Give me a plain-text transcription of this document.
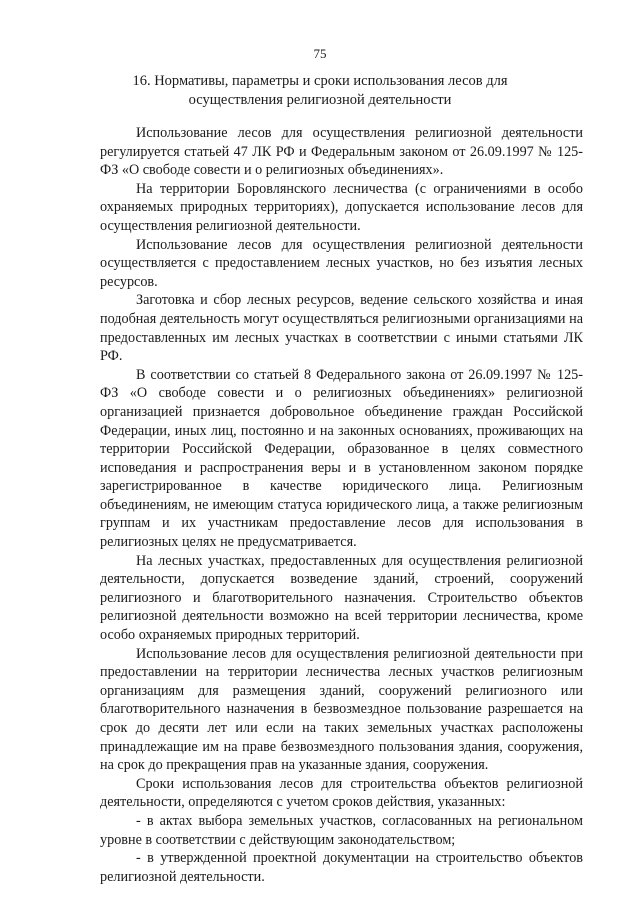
75
16. Нормативы, параметры и сроки использования лесов для
осуществления религиозной деятельности

Использование лесов для осуществления религиозной деятельности регулируется статьей 47 ЛК РФ и Федеральным законом от 26.09.1997 № 125-ФЗ «О свободе совести и о религиозных объединениях».

На территории Боровлянского лесничества (с ограничениями в особо охраняемых природных территориях), допускается использование лесов для осуществления религиозной деятельности.

Использование лесов для осуществления религиозной деятельности осуществляется с предоставлением лесных участков, но без изъятия лесных ресурсов.

Заготовка и сбор лесных ресурсов, ведение сельского хозяйства и иная подобная деятельность могут осуществляться религиозными организациями на предоставленных им лесных участках в соответствии с иными статьями ЛК РФ.

В соответствии со статьей 8 Федерального закона от 26.09.1997 № 125-ФЗ «О свободе совести и о религиозных объединениях» религиозной организацией признается добровольное объединение граждан Российской Федерации, иных лиц, постоянно и на законных основаниях, проживающих на территории Российской Федерации, образованное в целях совместного исповедания и распространения веры и в установленном законом порядке зарегистрированное в качестве юридического лица. Религиозным объединениям, не имеющим статуса юридического лица, а также религиозным группам и их участникам предоставление лесов для использования в религиозных целях не предусматривается.

На лесных участках, предоставленных для осуществления религиозной деятельности, допускается возведение зданий, строений, сооружений религиозного и благотворительного назначения. Строительство объектов религиозной деятельности возможно на всей территории лесничества, кроме особо охраняемых природных территорий.

Использование лесов для осуществления религиозной деятельности при предоставлении на территории лесничества лесных участков религиозным организациям для размещения зданий, сооружений религиозного или благотворительного назначения в безвозмездное пользование разрешается на срок до десяти лет или если на таких земельных участках расположены принадлежащие им на праве безвозмездного пользования здания, сооружения, на срок до прекращения прав на указанные здания, сооружения.

Сроки использования лесов для строительства объектов религиозной деятельности, определяются с учетом сроков действия, указанных:

- в актах выбора земельных участков, согласованных на региональном уровне в соответствии с действующим законодательством;

- в утвержденной проектной документации на строительство объектов религиозной деятельности.
